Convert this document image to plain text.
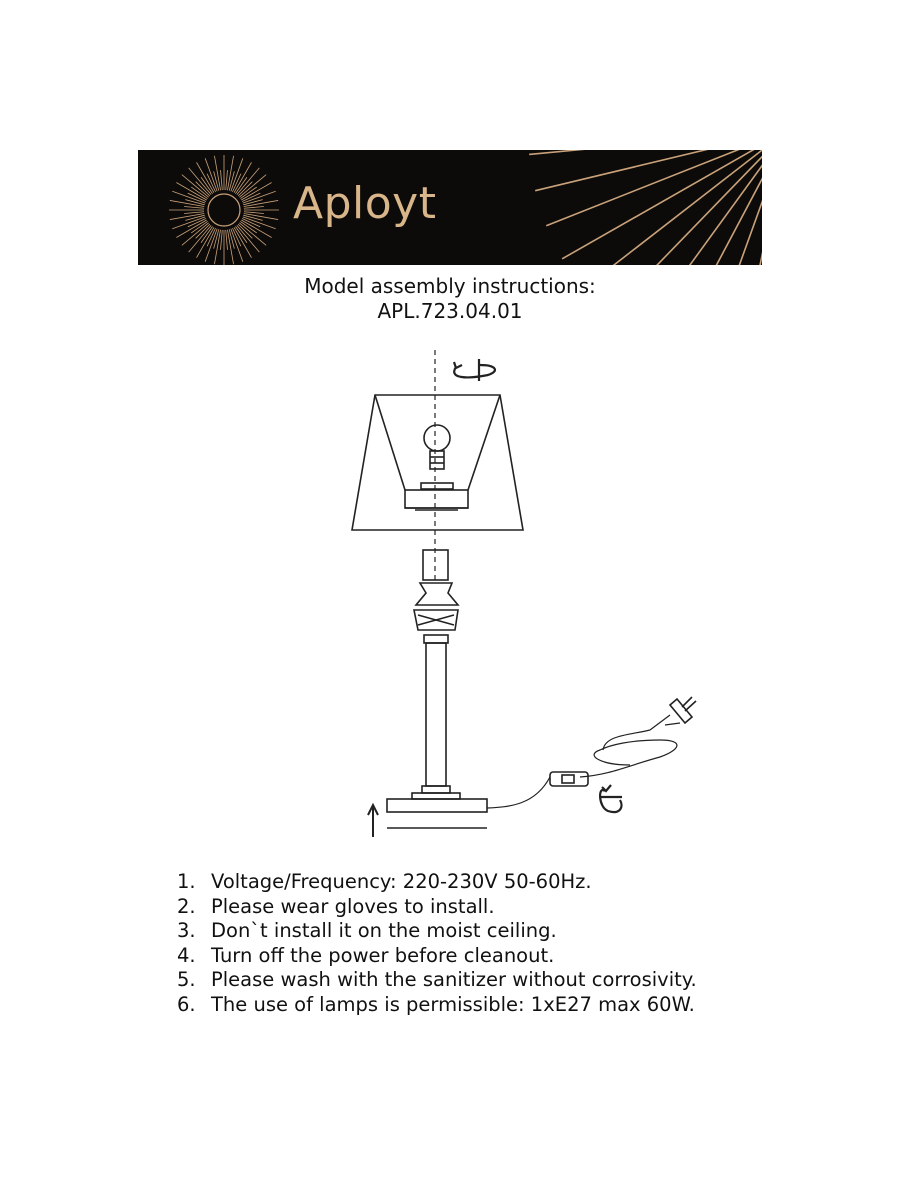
Aployt
Model assembly instructions:
APL.723.04.01
1. Voltage/Frequency: 220-230V 50-60Hz.
2. Please wear gloves to install.
3. Don`t install it on the moist ceiling.
4. Turn off the power before cleanout.
5. Please wash with the sanitizer without corrosivity.
6. The use of lamps is permissible: 1xE27 max 60W.
